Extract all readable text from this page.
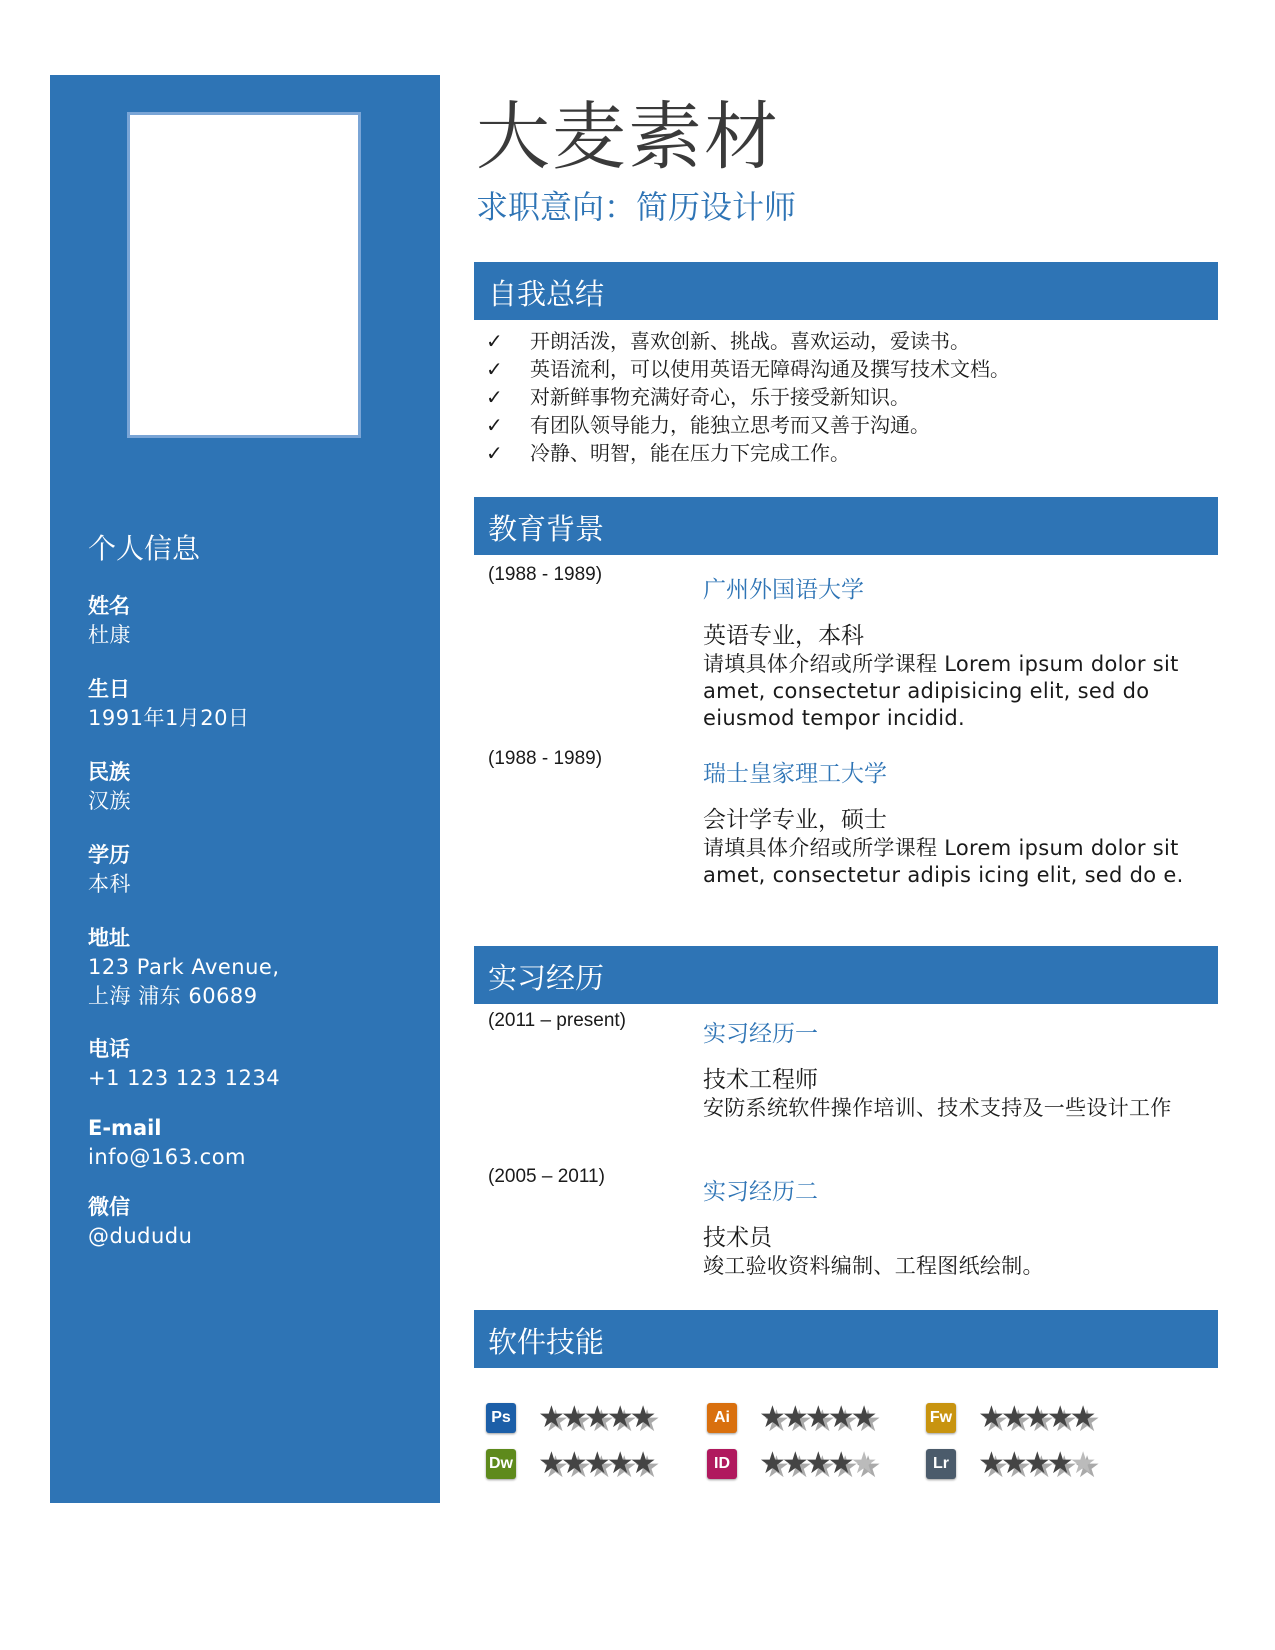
个人信息
姓名
杜康
生日
1991年1月20日
民族
汉族
学历
本科
地址
123 Park Avenue,
上海 浦东 60689
电话
+1 123 123 1234
E-mail
info@163.com
微信
@dududu
大麦素材
求职意向：简历设计师
自我总结
✓	开朗活泼，喜欢创新、挑战。喜欢运动，爱读书。
✓	英语流利，可以使用英语无障碍沟通及撰写技术文档。
✓	对新鲜事物充满好奇心，乐于接受新知识。
✓	有团队领导能力，能独立思考而又善于沟通。
✓	冷静、明智，能在压力下完成工作。
教育背景
(1988 - 1989)
广州外国语大学
英语专业，本科
请填具体介绍或所学课程 Lorem ipsum dolor sit amet, consectetur adipisicing elit, sed do eiusmod tempor incidid.
(1988 - 1989)
瑞士皇家理工大学
会计学专业，硕士
请填具体介绍或所学课程 Lorem ipsum dolor sit amet, consectetur adipis icing elit, sed do e.
实习经历
(2011 – present)
实习经历一
技术工程师
安防系统软件操作培训、技术支持及一些设计工作
(2005 – 2011)
实习经历二
技术员
竣工验收资料编制、工程图纸绘制。
软件技能
Ps ★★★★★	Ai ★★★★★	Fw ★★★★★
Dw ★★★★★	ID ★★★★★	Lr ★★★★★
